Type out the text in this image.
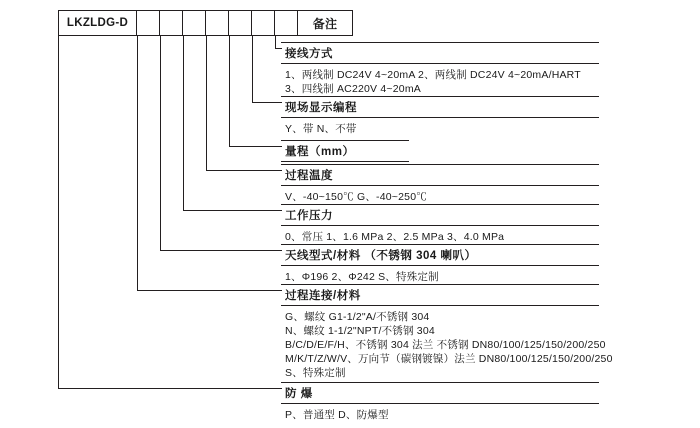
LKZLDG-D	备注
接线方式
1、两线制 DC24V 4~20mA 2、两线制 DC24V 4~20mA/HART
3、四线制 AC220V 4~20mA
现场显示编程
Y、带 N、不带
量程（mm）
过程温度
V、-40~150℃ G、-40~250℃
工作压力
0、常压 1、1.6 MPa 2、2.5 MPa 3、4.0 MPa
天线型式/材料 （不锈钢 304 喇叭）
1、Φ196 2、Φ242 S、特殊定制
过程连接/材料
G、螺纹 G1-1/2"A/不锈钢 304
N、螺纹 1-1/2"NPT/不锈钢 304
B/C/D/E/F/H、不锈钢 304 法兰 不锈钢 DN80/100/125/150/200/250
M/K/T/Z/W/V、万向节（碳钢镀镍）法兰 DN80/100/125/150/200/250
S、特殊定制
防 爆
P、普通型 D、防爆型
